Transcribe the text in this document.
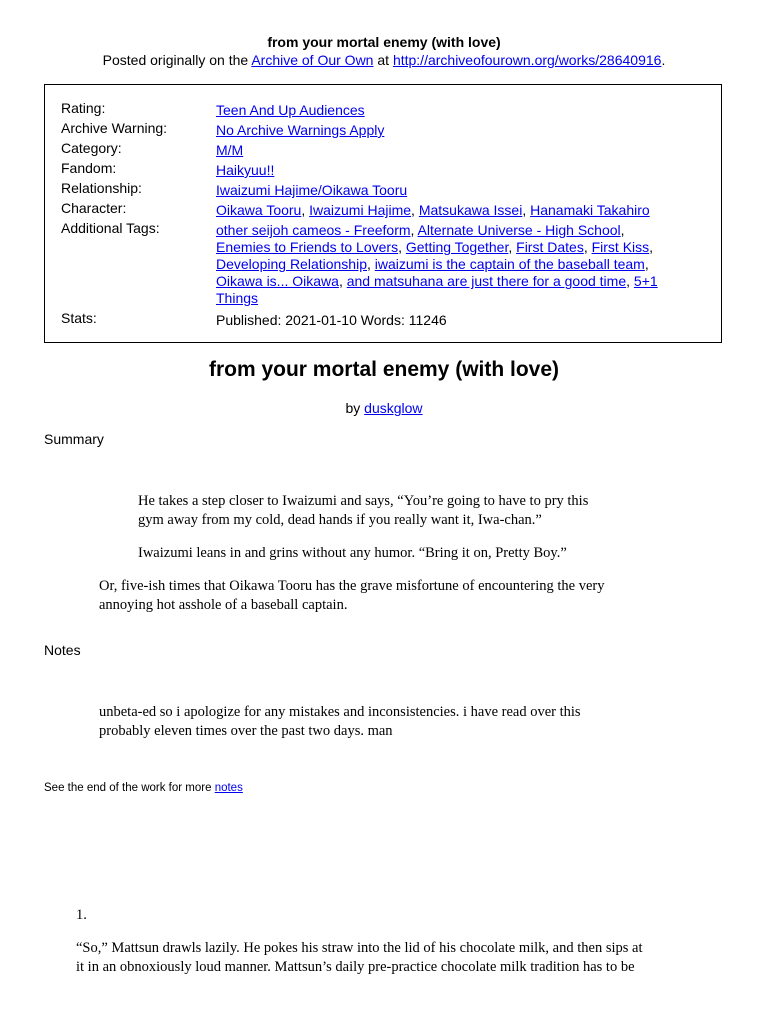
from your mortal enemy (with love)
Posted originally on the Archive of Our Own at http://archiveofourown.org/works/28640916.
Rating:	Teen And Up Audiences
Archive Warning:	No Archive Warnings Apply
Category:	M/M
Fandom:	Haikyuu!!
Relationship:	Iwaizumi Hajime/Oikawa Tooru
Character:	Oikawa Tooru, Iwaizumi Hajime, Matsukawa Issei, Hanamaki Takahiro
Additional Tags:	other seijoh cameos - Freeform, Alternate Universe - High School, Enemies to Friends to Lovers, Getting Together, First Dates, First Kiss, Developing Relationship, iwaizumi is the captain of the baseball team, Oikawa is... Oikawa, and matsuhana are just there for a good time, 5+1
Things
Stats:	Published: 2021-01-10 Words: 11246
from your mortal enemy (with love)
by duskglow
Summary
He takes a step closer to Iwaizumi and says, “You’re going to have to pry this
gym away from my cold, dead hands if you really want it, Iwa-chan.”
Iwaizumi leans in and grins without any humor. “Bring it on, Pretty Boy.”
Or, five-ish times that Oikawa Tooru has the grave misfortune of encountering the very
annoying hot asshole of a baseball captain.
Notes
unbeta-ed so i apologize for any mistakes and inconsistencies. i have read over this
probably eleven times over the past two days. man
See the end of the work for more notes
1.
“So,” Mattsun drawls lazily. He pokes his straw into the lid of his chocolate milk, and then sips at
it in an obnoxiously loud manner. Mattsun’s daily pre-practice chocolate milk tradition has to be
